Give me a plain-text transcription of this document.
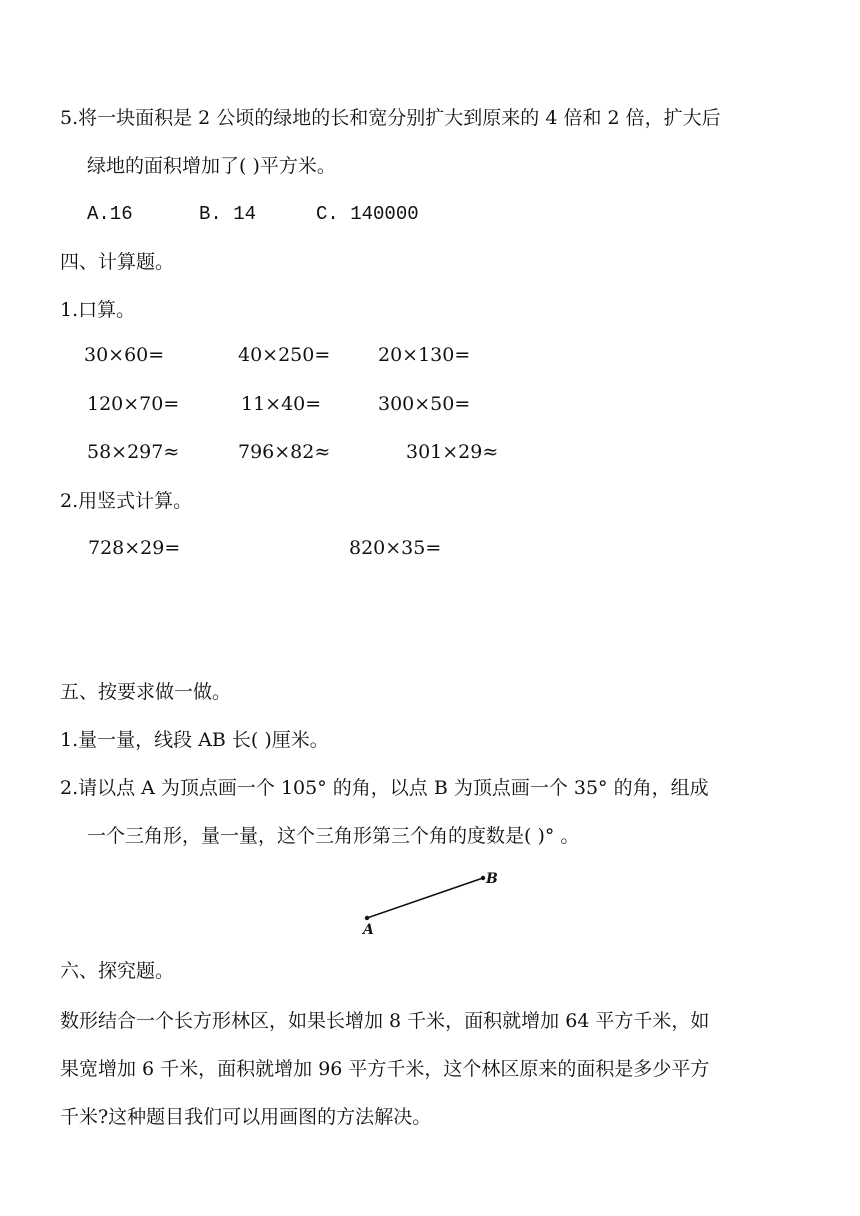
5.将一块面积是 2 公顷的绿地的长和宽分别扩大到原来的 4 倍和 2 倍，扩大后
绿地的面积增加了( )平方米。
A.16	B. 14	C. 140000
四、计算题。
1.口算。
30×60=	40×250=	20×130=
120×70=	11×40=	300×50=
58×297≈	796×82≈	301×29≈
2.用竖式计算。
728×29=	820×35=
五、按要求做一做。
1.量一量，线段 AB 长( )厘米。
2.请以点 A 为顶点画一个 105° 的角，以点 B 为顶点画一个 35° 的角，组成
一个三角形，量一量，这个三角形第三个角的度数是( )° 。
A
B
六、探究题。
数形结合一个长方形林区，如果长增加 8 千米，面积就增加 64 平方千米，如
果宽增加 6 千米，面积就增加 96 平方千米，这个林区原来的面积是多少平方
千米?这种题目我们可以用画图的方法解决。
